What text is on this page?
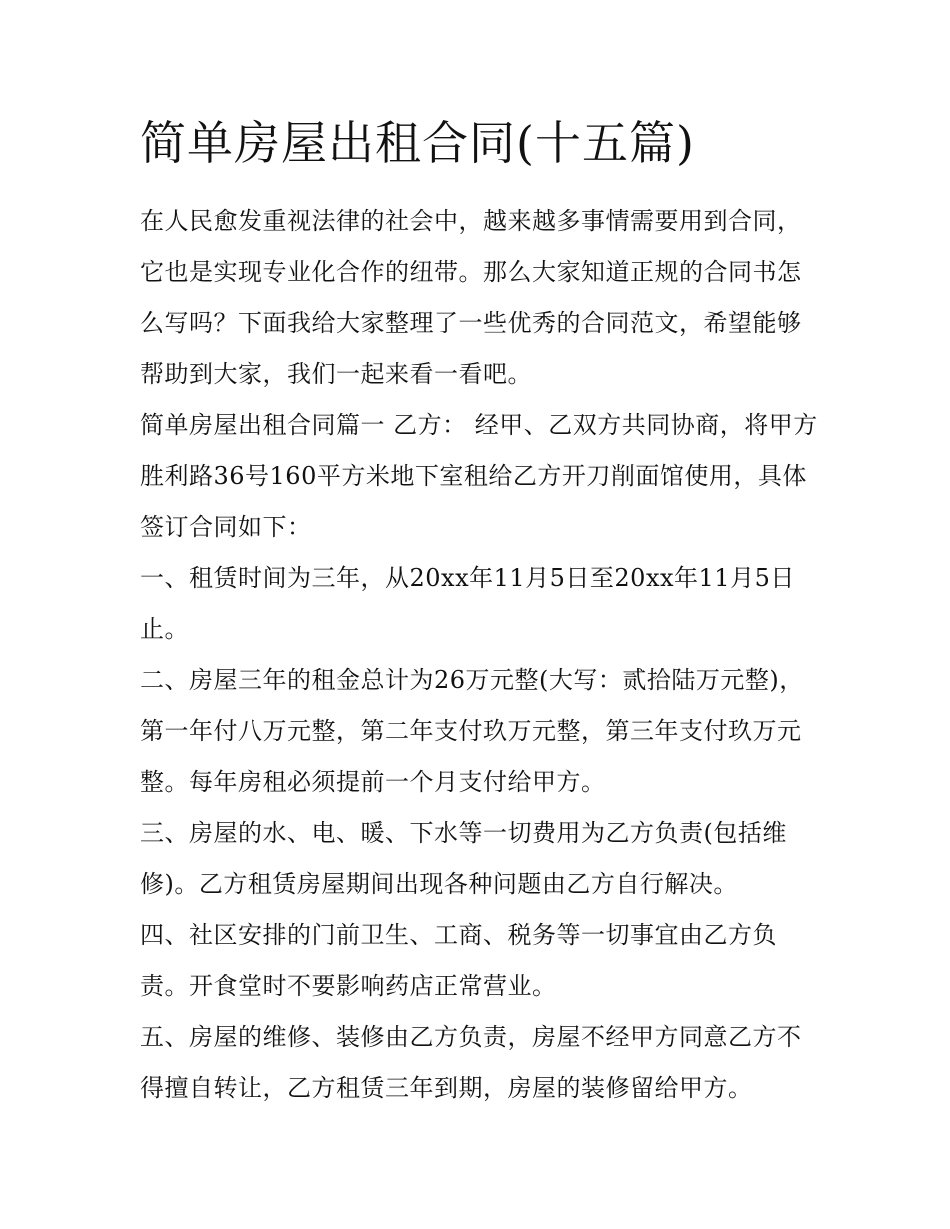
简单房屋出租合同(十五篇)

在人民愈发重视法律的社会中，越来越多事情需要用到合同，它也是实现专业化合作的纽带。那么大家知道正规的合同书怎么写吗？下面我给大家整理了一些优秀的合同范文，希望能够帮助到大家，我们一起来看一看吧。

简单房屋出租合同篇一 乙方： 经甲、乙双方共同协商，将甲方胜利路36号160平方米地下室租给乙方开刀削面馆使用，具体签订合同如下：

一、租赁时间为三年，从20xx年11月5日至20xx年11月5日止。

二、房屋三年的租金总计为26万元整(大写：贰拾陆万元整)，第一年付八万元整，第二年支付玖万元整，第三年支付玖万元整。每年房租必须提前一个月支付给甲方。

三、房屋的水、电、暖、下水等一切费用为乙方负责(包括维修)。乙方租赁房屋期间出现各种问题由乙方自行解决。

四、社区安排的门前卫生、工商、税务等一切事宜由乙方负责。开食堂时不要影响药店正常营业。

五、房屋的维修、装修由乙方负责，房屋不经甲方同意乙方不得擅自转让，乙方租赁三年到期，房屋的装修留给甲方。
